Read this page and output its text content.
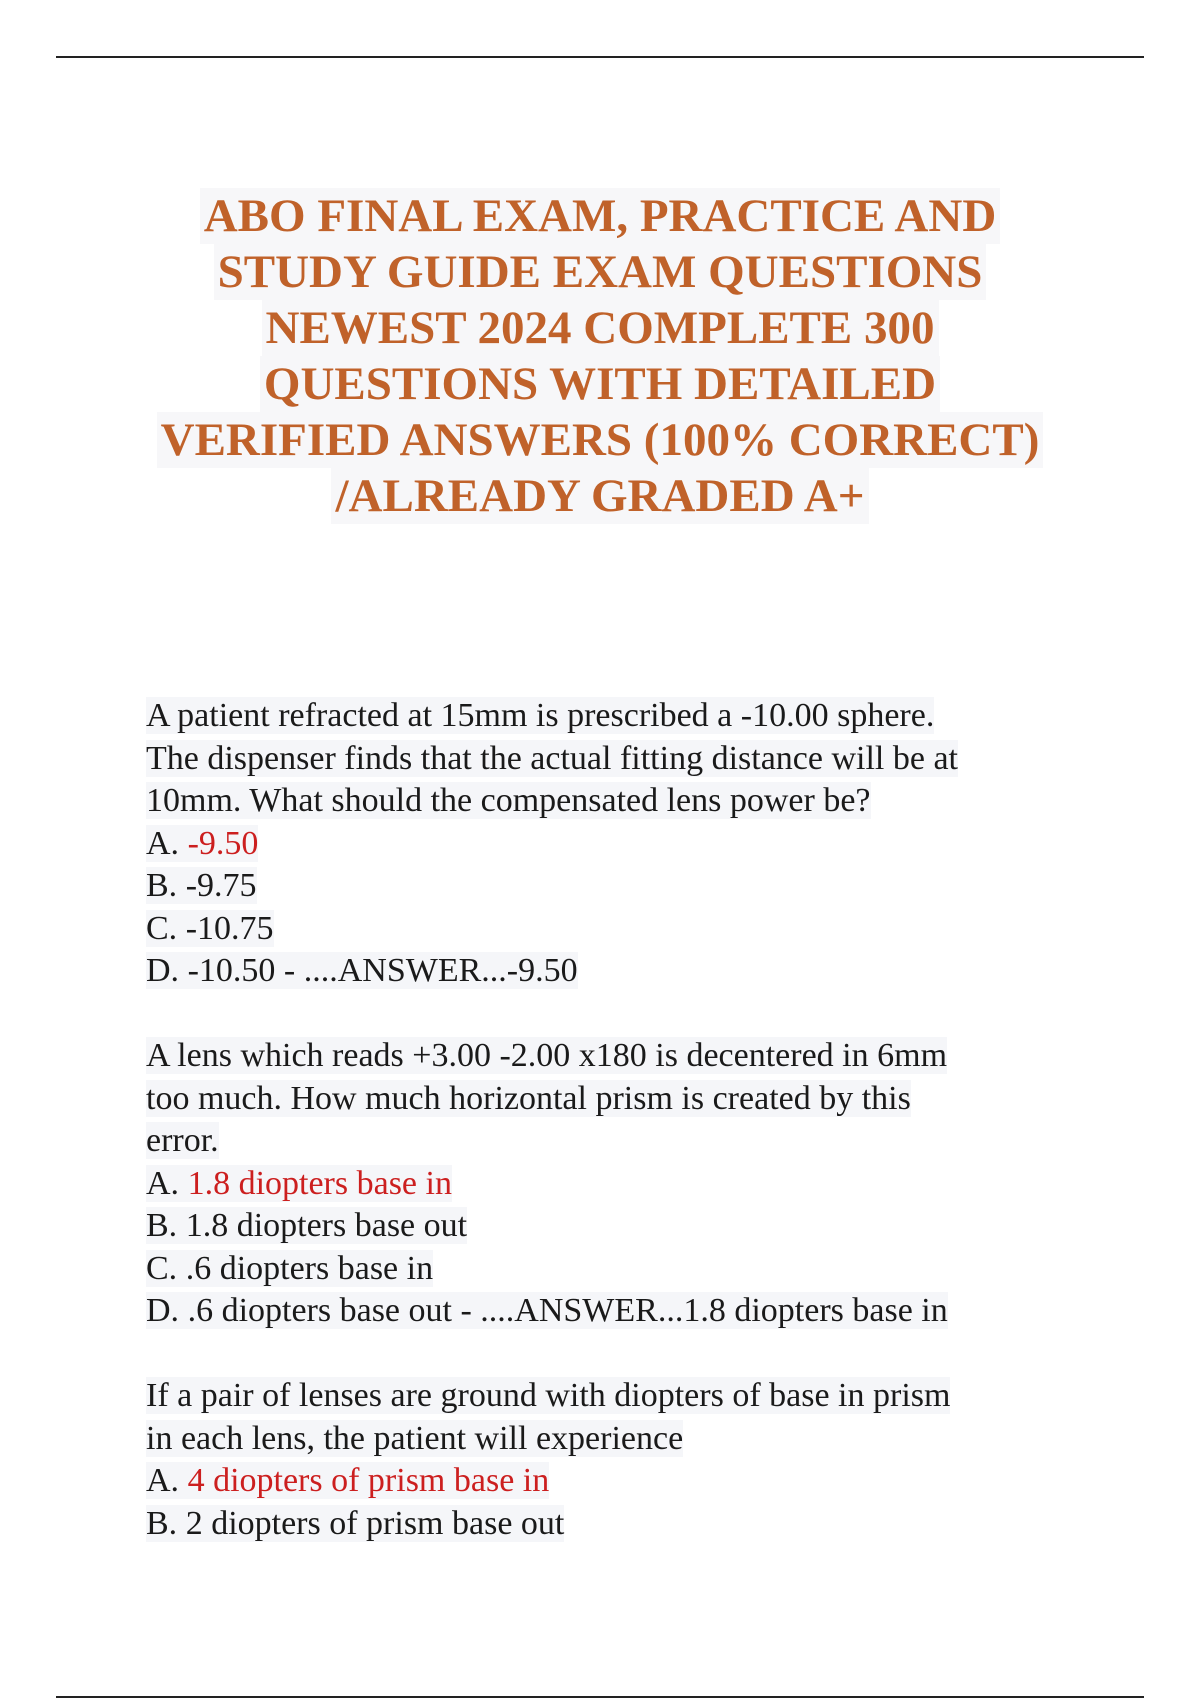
ABO FINAL EXAM, PRACTICE AND
STUDY GUIDE EXAM QUESTIONS
NEWEST 2024 COMPLETE 300
QUESTIONS WITH DETAILED
VERIFIED ANSWERS (100% CORRECT)
/ALREADY GRADED A+
A patient refracted at 15mm is prescribed a -10.00 sphere.
The dispenser finds that the actual fitting distance will be at
10mm. What should the compensated lens power be?
A. -9.50
B. -9.75
C. -10.75
D. -10.50 - ....ANSWER...-9.50
A lens which reads +3.00 -2.00 x180 is decentered in 6mm
too much. How much horizontal prism is created by this
error.
A. 1.8 diopters base in
B. 1.8 diopters base out
C. .6 diopters base in
D. .6 diopters base out - ....ANSWER...1.8 diopters base in
If a pair of lenses are ground with diopters of base in prism
in each lens, the patient will experience
A. 4 diopters of prism base in
B. 2 diopters of prism base out
